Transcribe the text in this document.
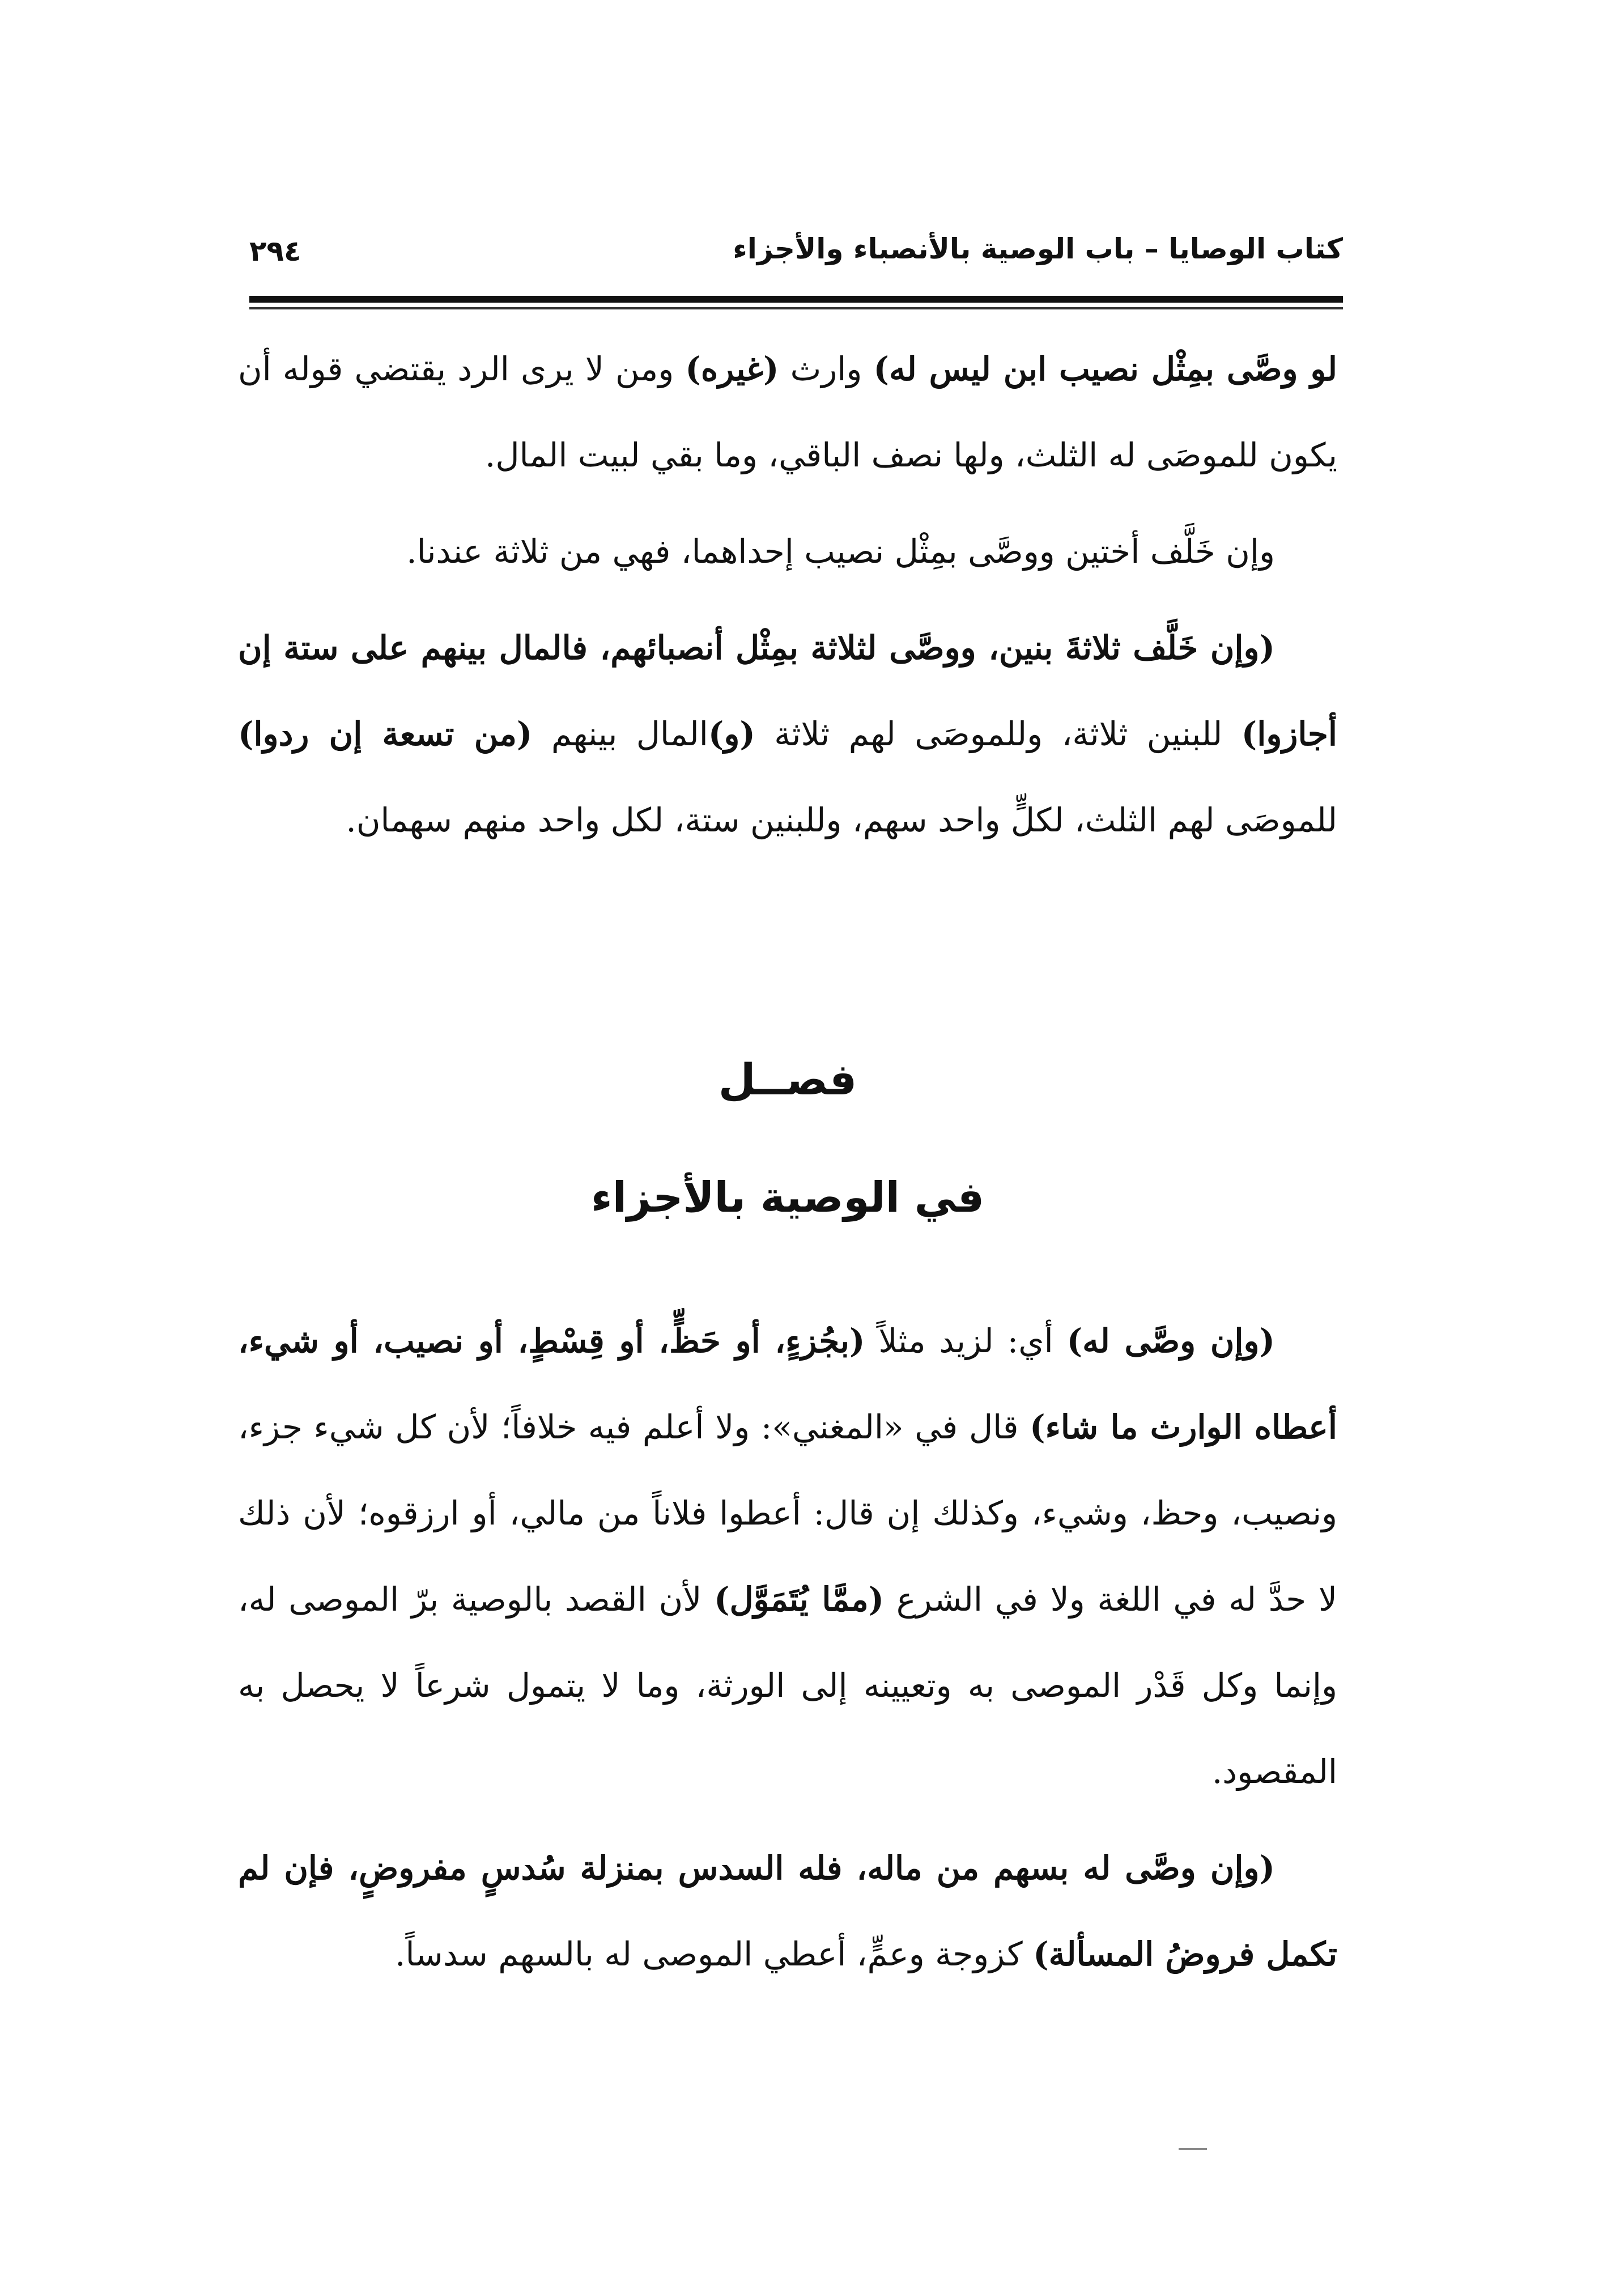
كتاب الوصايا – باب الوصية بالأنصباء والأجزاء
٢٩٤

لو وصَّى بمِثْل نصيب ابن ليس له) وارث (غيره) ومن لا يرى الرد يقتضي قوله أن يكون للموصَى له الثلث، ولها نصف الباقي، وما بقي لبيت المال.

وإن خَلَّف أختين ووصَّى بمِثْل نصيب إحداهما، فهي من ثلاثة عندنا.

(وإن خَلَّف ثلاثةَ بنين، ووصَّى لثلاثة بمِثْل أنصبائهم، فالمال بينهم على ستة إن أجازوا) للبنين ثلاثة، وللموصَى لهم ثلاثة (و)المال بينهم (من تسعة إن ردوا) للموصَى لهم الثلث، لكلٍّ واحد سهم، وللبنين ستة، لكل واحد منهم سهمان.

فصــل
في الوصية بالأجزاء

(وإن وصَّى له) أي: لزيد مثلاً (بجُزءٍ، أو حَظٍّ، أو قِسْطٍ، أو نصيب، أو شيء، أعطاه الوارث ما شاء) قال في «المغني»: ولا أعلم فيه خلافاً؛ لأن كل شيء جزء، ونصيب، وحظ، وشيء، وكذلك إن قال: أعطوا فلاناً من مالي، أو ارزقوه؛ لأن ذلك لا حدَّ له في اللغة ولا في الشرع (ممَّا يُتَمَوَّل) لأن القصد بالوصية برّ الموصى له، وإنما وكل قَدْر الموصى به وتعيينه إلى الورثة، وما لا يتمول شرعاً لا يحصل به المقصود.

(وإن وصَّى له بسهم من ماله، فله السدس بمنزلة سُدسٍ مفروضٍ، فإن لم تكمل فروضُ المسألة) كزوجة وعمٍّ، أعطي الموصى له بالسهم سدساً.
